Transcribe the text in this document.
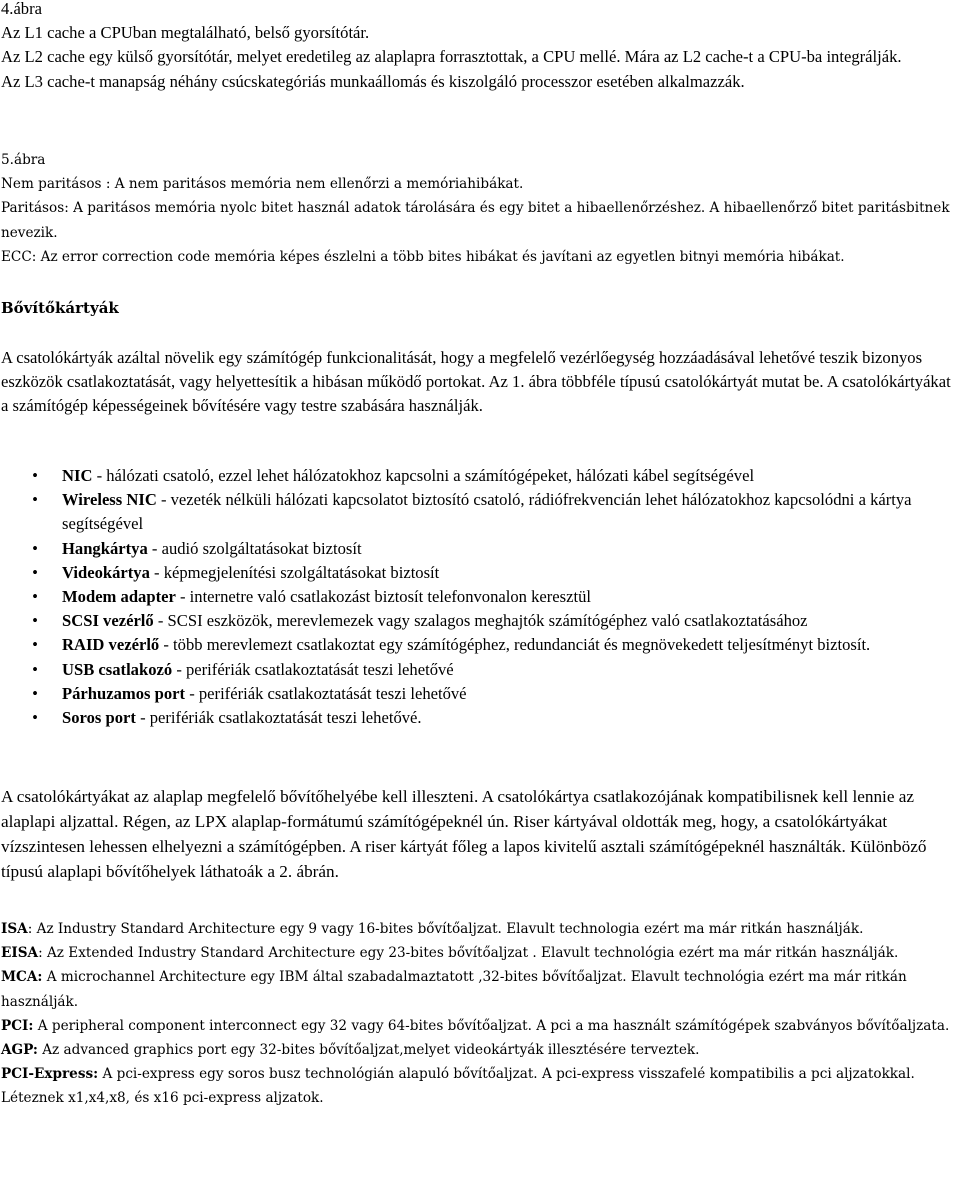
4.ábra

Az L1 cache a CPUban megtalálható, belső gyorsítótár.

Az L2 cache egy külső gyorsítótár, melyet eredetileg az alaplapra forrasztottak, a CPU mellé. Mára az L2 cache-t a CPU-ba integrálják.

Az L3 cache-t manapság néhány csúcskategóriás munkaállomás és kiszolgáló processzor esetében alkalmazzák.

5.ábra

Nem paritásos : A nem paritásos memória nem ellenőrzi a memóriahibákat.

Paritásos: A paritásos memória nyolc bitet használ adatok tárolására és egy bitet a hibaellenőrzéshez. A hibaellenőrző bitet paritásbitnek nevezik.

ECC: Az error correction code memória képes észlelni a több bites hibákat és javítani az egyetlen bitnyi memória hibákat.

Bővítőkártyák
A csatolókártyák azáltal növelik egy számítógép funkcionalitását, hogy a megfelelő vezérlőegység hozzáadásával lehetővé teszik bizonyos eszközök csatlakoztatását, vagy helyettesítik a hibásan működő portokat. Az 1. ábra többféle típusú csatolókártyát mutat be. A csatolókártyákat a számítógép képességeinek bővítésére vagy testre szabására használják.
• NIC - hálózati csatoló, ezzel lehet hálózatokhoz kapcsolni a számítógépeket, hálózati kábel segítségével
• Wireless NIC - vezeték nélküli hálózati kapcsolatot biztosító csatoló, rádiófrekvencián lehet hálózatokhoz kapcsolódni a kártya segítségével
• Hangkártya - audió szolgáltatásokat biztosít
• Videokártya - képmegjelenítési szolgáltatásokat biztosít
• Modem adapter - internetre való csatlakozást biztosít telefonvonalon keresztül
• SCSI vezérlő - SCSI eszközök, merevlemezek vagy szalagos meghajtók számítógéphez való csatlakoztatásához
• RAID vezérlő - több merevlemezt csatlakoztat egy számítógéphez, redundanciát és megnövekedett teljesítményt biztosít.
• USB csatlakozó - perifériák csatlakoztatását teszi lehetővé
• Párhuzamos port - perifériák csatlakoztatását teszi lehetővé
• Soros port - perifériák csatlakoztatását teszi lehetővé.
A csatolókártyákat az alaplap megfelelő bővítőhelyébe kell illeszteni. A csatolókártya csatlakozójának kompatibilisnek kell lennie az alaplapi aljzattal. Régen, az LPX alaplap-formátumú számítógépeknél ún. Riser kártyával oldották meg, hogy, a csatolókártyákat vízszintesen lehessen elhelyezni a számítógépben. A riser kártyát főleg a lapos kivitelű asztali számítógépeknél használták. Különböző típusú alaplapi bővítőhelyek láthatoák a 2. ábrán.

ISA: Az Industry Standard Architecture egy 9 vagy 16-bites bővítőaljzat. Elavult technologia ezért ma már ritkán használják.

EISA: Az Extended Industry Standard Architecture egy 23-bites bővítőaljzat . Elavult technológia ezért ma már ritkán használják.

MCA: A microchannel Architecture egy IBM által szabadalmaztatott ,32-bites bővítőaljzat. Elavult technológia ezért ma már ritkán használják.

PCI: A peripheral component interconnect egy 32 vagy 64-bites bővítőaljzat. A pci a ma használt számítógépek szabványos bővítőaljzata.

AGP: Az advanced graphics port egy 32-bites bővítőaljzat,melyet videokártyák illesztésére terveztek.

PCI-Express: A pci-express egy soros busz technológián alapuló bővítőaljzat. A pci-express visszafelé kompatibilis a pci aljzatokkal. Léteznek x1,x4,x8, és x16 pci-express aljzatok.
